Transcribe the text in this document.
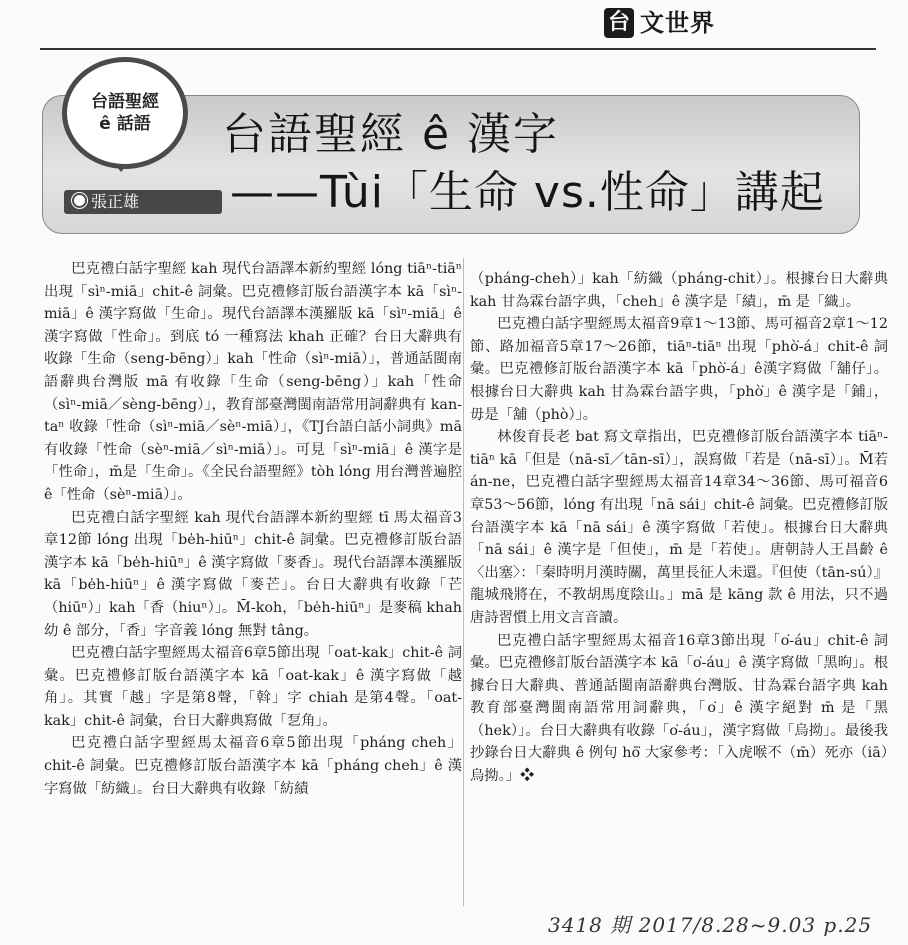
台 文世界
台語聖經
ê 話語
張正雄
台語聖經 ê 漢字
——Tùi「生命 vs.性命」講起

巴克禮白話字聖經 kah 現代台語譯本新約聖經 lóng tiāⁿ-tiāⁿ 出現「sìⁿ-miā」chit-ê 詞彙。巴克禮修訂版台語漢字本 kā「sìⁿ-miā」ê 漢字寫做「生命」。現代台語譯本漢羅版 kā「sìⁿ-miā」ê 漢字寫做「性命」。到底 tó 一種寫法 khah 正確？台日大辭典有收錄「生命（seng-bēng）」kah「性命（sìⁿ-miā）」，普通話閩南語辭典台灣版 mā 有收錄「生命（seng-bēng）」kah「性命（sìⁿ-miā／sèng-bēng）」，教育部臺灣閩南語常用詞辭典有 kan-taⁿ 收錄「性命（sìⁿ-miā／sèⁿ-miā）」，《TJ台語白話小詞典》mā 有收錄「性命（sèⁿ-miā／sìⁿ-miā）」。可見「sìⁿ-miā」ê 漢字是「性命」，m̄是「生命」。《全民台語聖經》tòh lóng 用台灣普遍腔 ê「性命（sèⁿ-miā）」。

巴克禮白話字聖經 kah 現代台語譯本新約聖經 tī 馬太福音3章12節 lóng 出現「be̍h-hiūⁿ」chit-ê 詞彙。巴克禮修訂版台語漢字本 kā「be̍h-hiūⁿ」ê 漢字寫做「麥香」。現代台語譯本漢羅版 kā「be̍h-hiūⁿ」ê 漢字寫做「麥芒」。台日大辭典有收錄「芒（hiūⁿ）」kah「香（hiuⁿ）」。M̄-koh，「be̍h-hiūⁿ」是麥稿 khah 幼 ê 部分，「香」字音義 lóng 無對 tâng。

巴克禮白話字聖經馬太福音6章5節出現「oat-kak」chit-ê 詞彙。巴克禮修訂版台語漢字本 kā「oat-kak」ê 漢字寫做「越角」。其實「越」字是第8聲，「斡」字 chiah 是第4聲。「oat-kak」chit-ê 詞彙，台日大辭典寫做「乭角」。

巴克禮白話字聖經馬太福音6章5節出現「pháng cheh」chit-ê 詞彙。巴克禮修訂版台語漢字本 kā「pháng cheh」ê 漢字寫做「紡織」。台日大辭典有收錄「紡績

（pháng-cheh）」kah「紡織（pháng-chit）」。根據台日大辭典 kah 甘為霖台語字典，「cheh」ê 漢字是「績」，m̄ 是「織」。

巴克禮白話字聖經馬太福音9章1～13節、馬可福音2章1～12節、路加福音5章17～26節，tiāⁿ-tiāⁿ 出現「phò͘-á」chit-ê 詞彙。巴克禮修訂版台語漢字本 kā「phò͘-á」ê漢字寫做「舖仔」。根據台日大辭典 kah 甘為霖台語字典，「phò͘」ê 漢字是「鋪」，毋是「舖（phò）」。

林俊育長老 bat 寫文章指出，巴克禮修訂版台語漢字本 tiāⁿ-tiāⁿ kā「但是（nā-sī／tān-sī）」，誤寫做「若是（nā-sī）」。M̄若 án-ne，巴克禮白話字聖經馬太福音14章34～36節、馬可福音6章53～56節，lóng 有出現「nā sái」chit-ê 詞彙。巴克禮修訂版台語漢字本 kā「nā sái」ê 漢字寫做「若使」。根據台日大辭典「nā sái」ê 漢字是「但使」，m̄ 是「若使」。唐朝詩人王昌齡 ê〈出塞〉：「秦時明月漢時關，萬里長征人未還。『但使（tān-sú）』龍城飛將在，不教胡馬度陰山。」mā 是 kāng 款 ê 用法，只不過唐詩習慣上用文言音讀。

巴克禮白話字聖經馬太福音16章3節出現「o͘-áu」chit-ê 詞彙。巴克禮修訂版台語漢字本 kā「o͘-áu」ê 漢字寫做「黑昫」。根據台日大辭典、普通話閩南語辭典台灣版、甘為霖台語字典 kah 教育部臺灣閩南語常用詞辭典，「o͘」ê 漢字絕對 m̄ 是「黑（hek）」。台日大辭典有收錄「o͘-áu」，漢字寫做「烏拗」。最後我抄錄台日大辭典 ê 例句 hō͘ 大家參考：「入虎喉不（m̄）死亦（iā）烏拗。」❖

3418 期 2017/8.28~9.03 p.25
